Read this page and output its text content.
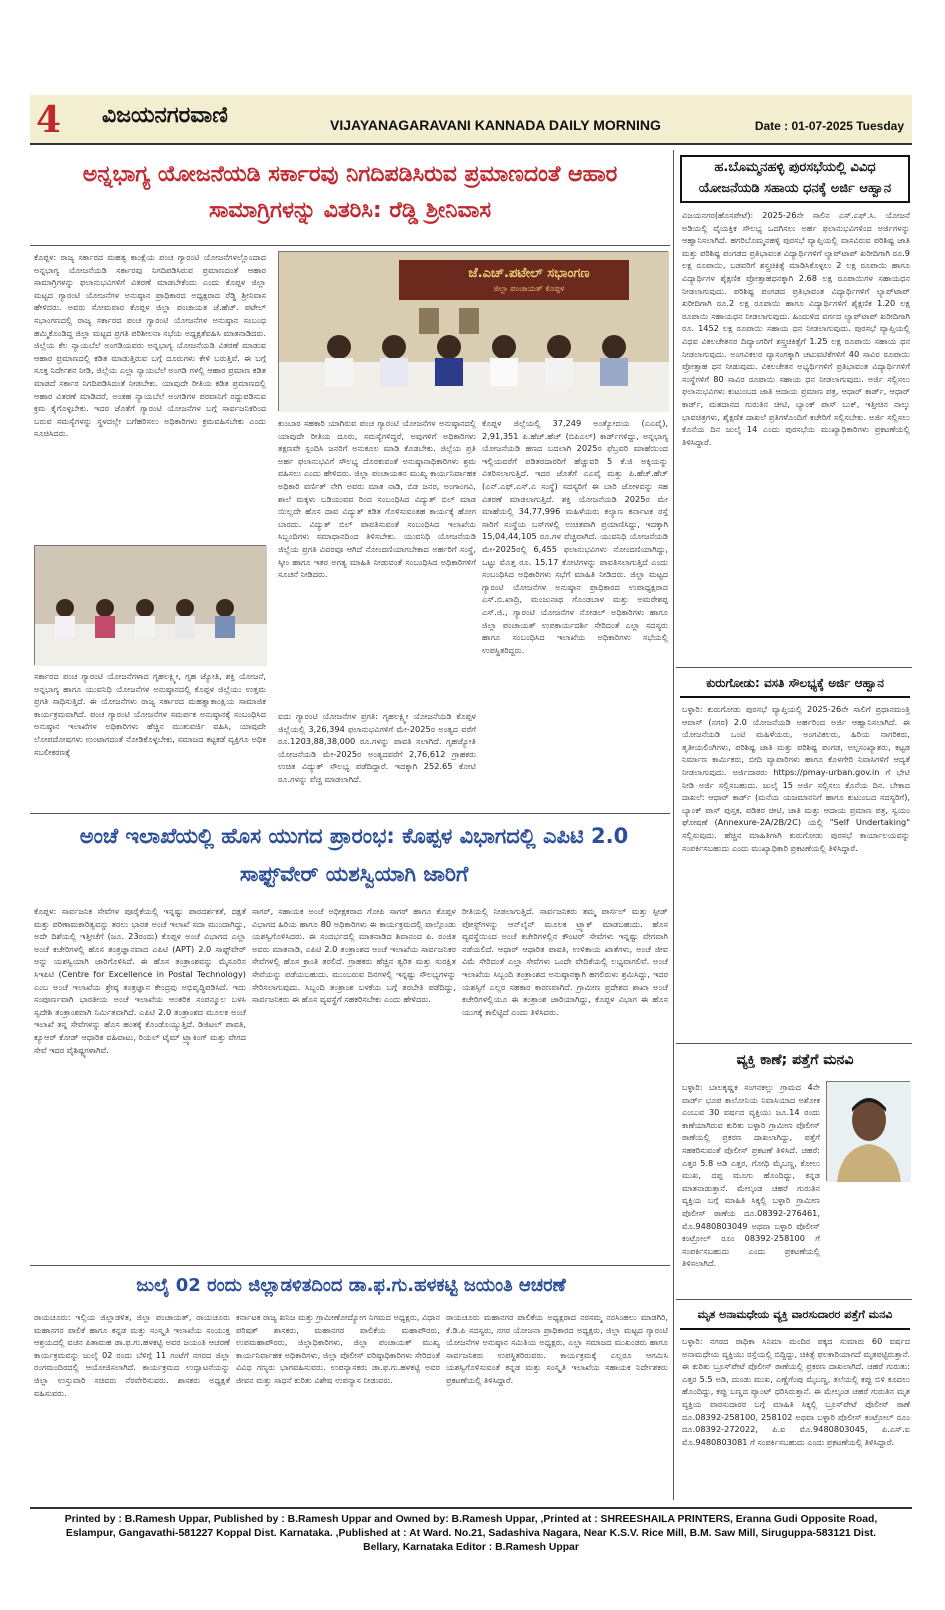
4 ವಿಜಯನಗರವಾಣಿ	VIJAYANAGARAVANI KANNADA DAILY MORNING	Date : 01-07-2025 Tuesday
ಅನ್ನಭಾಗ್ಯ ಯೋಜನೆಯಡಿ ಸರ್ಕಾರವು ನಿಗದಿಪಡಿಸಿರುವ ಪ್ರಮಾಣದಂತೆ ಆಹಾರ ಸಾಮಾಗ್ರಿಗಳನ್ನು ವಿತರಿಸಿ: ರೆಡ್ಡಿ ಶ್ರೀನಿವಾಸ
ಕೊಪ್ಪಳ: ರಾಜ್ಯ ಸರ್ಕಾರದ ಮಹತ್ವ ಕಾಂಕ್ಷೆಯ ಪಂಚ ಗ್ಯಾರಂಟಿ ಯೋಜನೆಗಳಲ್ಲೊಂದಾದ ಅನ್ನಭಾಗ್ಯ ಯೋಜನೆಯಡಿ ಸರ್ಕಾರವು ನಿಗದಿಪಡಿಸಿರುವ ಪ್ರಮಾಣದಂತೆ ಆಹಾರ ಸಾಮಾಗ್ರಿಗಳನ್ನು ಫಲಾನುಭವಿಗಳಿಗೆ ವಿತರಣೆ ಮಾಡಬೇಕೆಂದು ಎಂದು ಕೊಪ್ಪಳ ಜಿಲ್ಲಾ ಮಟ್ಟದ ಗ್ಯಾರಂಟಿ ಯೋಜನೆಗಳ ಅನುಷ್ಠಾನ ಪ್ರಾಧಿಕಾರದ ಅಧ್ಯಕ್ಷರಾದ ರೆಡ್ಡಿ ಶ್ರೀನಿವಾಸ ಹೇಳಿದರು. ಅವರು ಸೋಮವಾರ ಕೊಪ್ಪಳ ಜಿಲ್ಲಾ ಪಂಚಾಯತ ಜೆ.ಹೆಚ್. ಪಟೇಲ್ ಸಭಾಂಗಣದಲ್ಲಿ ರಾಜ್ಯ ಸರ್ಕಾರದ ಪಂಚ ಗ್ಯಾರಂಟಿ ಯೋಜನೆಗಳ ಅನುಷ್ಠಾನ ಸಂಬಂಧ ಹಮ್ಮಿಕೊಂಡಿದ್ದ ಜಿಲ್ಲಾ ಮಟ್ಟದ ಪ್ರಗತಿ ಪರಿಶೀಲನಾ ಸಭೆಯ ಅಧ್ಯಕ್ಷತೆವಹಿಸಿ ಮಾತನಾಡಿದರು. ಜಿಲ್ಲೆಯ ಕೆಲ ನ್ಯಾಯಬೆಲೆ ಅಂಗಡಿಯವರು ಅನ್ನಭಾಗ್ಯ ಯೋಜನೆಯಡಿ ವಿತರಣೆ ಮಾಡುವ ಆಹಾರ ಪ್ರಮಾಣದಲ್ಲಿ ಕಡಿತ ಮಾಡುತ್ತಿರುವ ಬಗ್ಗೆ ದೂರುಗಳು ಕೇಳಿ ಬರುತ್ತಿವೆ. ಈ ಬಗ್ಗೆ ಸೂಕ್ತ ನಿರ್ದೇಶನ ನೀಡಿ, ಜಿಲ್ಲೆಯ ಎಲ್ಲಾ ನ್ಯಾಯಬೆಲೆ ಅಂಗಡಿ ಗಳಲ್ಲಿ ಆಹಾರ ಪ್ರಮಾಣ ಕಡಿತ ಮಾಡದೆ ಸರ್ಕಾರ ನಿಗದಿಪಡಿಸಿದಂತೆ ನೀಡಬೇಕು. ಯಾವುದೇ ರೀತಿಯ ಕಡಿತ ಪ್ರಮಾಣದಲ್ಲಿ ಆಹಾರ ವಿತರಣೆ ಮಾಡಿದರೆ, ಅಂತಹ ನ್ಯಾಯಬೆಲೆ ಅಂಗಡಿಗಳ ಪರವಾನಿಗೆ ರದ್ದುಪಡಿಸುವ ಕ್ರಮ ಕೈಗೊಳ್ಳಬೇಕು. ಇದರ ಜೊತೆಗೆ ಗ್ಯಾರಂಟಿ ಯೋಜನೆಗಳ ಬಗ್ಗೆ ಸಾರ್ವಜನಿಕರಿಂದ ಬರುವ ಸಮಸ್ಯೆಗಳನ್ನು ಸ್ಥಳದಲ್ಲೇ ಬಗೆಹರಿಸಲು ಅಧಿಕಾರಿಗಳು ಕ್ರಮವಹಿಸಬೇಕು ಎಂದು ಸೂಚಿಸಿದರು.
ಜೆ.ಎಚ್.ಪಟೇಲ್ ಸಭಾಂಗಣ
ಜಿಲ್ಲಾ ಪಂಚಾಯತ್ ಕೊಪ್ಪಳ
ಕುಂಬಾರ ಸಹಕಾರಿ ಯಾಗಿರುವ ಪಂಚ ಗ್ಯಾರಂಟಿ ಯೋಜನೆಗಳ ಅನುಷ್ಠಾನದಲ್ಲಿ ಯಾವುದೇ ರೀತಿಯ ದೂರು, ಸಮಸ್ಯೆಗಳಿದ್ದರೆ, ಅವುಗಳಿಗೆ ಅಧಿಕಾರಿಗಳು ತಕ್ಷಣವೇ ಸ್ಪಂದಿಸಿ ಜನರಿಗೆ ಅನುಕೂಲ ಮಾಡಿ ಕೊಡಬೇಕು. ಜಿಲ್ಲೆಯ ಪ್ರತಿ ಅರ್ಹ ಫಲಾನುಭವಿಗೆ ಸೌಲಭ್ಯ ದೊರಕುವಂತೆ ಅನುಷ್ಠಾನಾಧಿಕಾರಿಗಳು ಶ್ರಮ ವಹಿಸಲು ಎಂದು ಹೇಳಿದರು. ಜಿಲ್ಲಾ ಪಂಚಾಯತನ ಮುಖ್ಯ ಕಾರ್ಯನಿರ್ವಾಹಕ ಅಧಿಕಾರಿ ವರ್ಣಿತ್ ನೇಗಿ ಅವರು ಮಾತ ನಾಡಿ, ಬಿಡ ಜನರ, ಅಂಗಾಂಗವಿ, ಶಾಲೆ ಮಕ್ಕಳು ಬಡಿಯುವವ ರಿಂದ ಸಂಬಂಧಿಸಿದ ವಿದ್ಯುತ್ ಬಿಲ್ ಮಾಡ ಯಿಲ್ಲದೇ ಹೊಸ ದಾವ ವಿದ್ಯುತ್ ಕಡಿತ ಗೊಳಿಸುವಂತಹ ಕಾರ್ಯಕ್ಕೆ ಹೋಗ ಬಾರದು. ವಿದ್ಯುತ್ ಬಿಲ್ ಪಾವತಿಸುವಂತೆ ಸಂಬಂಧಿಸಿದ ಇಲಾಖೆಯ ಸಿಬ್ಬಂದಿಗಳು ಸಮಾಧಾನದಿಂದ ತಿಳಿಸಬೇಕು. ಯುವನಿಧಿ ಯೋಜನೆಯಡಿ ಜಿಲ್ಲೆಯ ಪ್ರಗತಿ ವಿವರವೂ ಆಗಿದೆ ನೋಂದಣಿಯಾಗಬೇಕಾದ ಅರ್ಹರಿಗೆ ಸಂಸ್ಥೆ, ಸ್ಕೀಂ ಹಾಗೂ ಇತರ ಅಗತ್ಯ ಮಾಹಿತಿ ನೀಡುವಂತೆ ಸಂಬಂಧಿಸಿದ ಅಧಿಕಾರಿಗಳಿಗೆ ಸೂಚನೆ ನೀಡಿದರು.
ಕೊಪ್ಪಳ ಜಿಲ್ಲೆಯಲ್ಲಿ 37,249 ಅಂತ್ಯೋದಯ (ಎಎವೈ), 2,91,351 ಪಿ.ಹೆಚ್.ಹೆಚ್ (ಬಿಪಿಎಲ್) ಕಾರ್ಡ್‌ಗಳಿದ್ದು, ಅನ್ನಭಾಗ್ಯ ಯೋಜನೆಯಡಿ ಹಣದ ಬದಲಾಗಿ 2025ರ ಫೆಬ್ರವರಿ ಮಾಹೆಯಿಂದ ಇಲ್ಲಿಯವರೆಗೆ ಪಡಿತರದಾರರಿಗೆ ಹೆಚ್ಚುವರಿ 5 ಕೆ.ಜಿ ಅಕ್ಕಿಯನ್ನು ವಿತರಿಸಲಾಗುತ್ತಿದೆ. ಇದರ ಜೊತೆಗೆ ಎಎವೈ ಮತ್ತು ಪಿ.ಹೆಚ್.ಹೆಚ್ (ಎನ್.ಎಫ್.ಎಸ್.ಎ ಸಂಸ್ಥೆ) ಸದಸ್ಯರಿಗೆ ಈ ಬಾರಿ ಜೋಳವನ್ನು ಸಹ ವಿತರಣೆ ಮಾಡಲಾಗುತ್ತಿದೆ. ಶಕ್ತಿ ಯೋಜನೆಯಡಿ 2025ರ ಮೇ ಮಾಹೆಯಲ್ಲಿ 34,77,996 ಮಹಿಳೆಯರು ಕಲ್ಯಾಣ ಕರ್ನಾಟಕ ರಸ್ತೆ ಸಾರಿಗೆ ಸಂಸ್ಥೆಯ ಬಸ್‌ಗಳಲ್ಲಿ ಉಚಿತವಾಗಿ ಪ್ರಯಾಣಿಸಿದ್ದು, ಇದಕ್ಕಾಗಿ 15,04,44,105 ರೂ.ಗಳ ವೆಚ್ಚವಾಗಿದೆ. ಯುವನಿಧಿ ಯೋಜನೆಯಡಿ ಮೇ-2025ರಲ್ಲಿ 6,455 ಫಲಾನುಭವಿಗಳು ನೋಂದಣಿಯಾಗಿದ್ದು, ಒಟ್ಟು ಮೊತ್ತ ರೂ. 15.17 ಕೋಟಿಗಳನ್ನು ಪಾವತಿಸಲಾಗುತ್ತಿದೆ ಎಂದು ಸಂಬಂಧಿಸಿದ ಅಧಿಕಾರಿಗಳು ಸಭೆಗೆ ಮಾಹಿತಿ ನೀಡಿದರು. ಜಿಲ್ಲಾ ಮಟ್ಟದ ಗ್ಯಾರಂಟಿ ಯೋಜನೆಗಳ ಅನುಷ್ಠಾನ ಪ್ರಾಧಿಕಾರದ ಉಪಾಧ್ಯಕ್ಷರಾದ ಎಸ್.ಬಿ.ಖಾದ್ರಿ, ಮಂಜುನಾಥ ಗೊಂಡಬಾಳ ಮತ್ತು ಅಮರೇಶಪ್ಪ ಎಸ್.ಜಿ., ಗ್ಯಾರಂಟಿ ಯೋಜನೆಗಳ ನೋಡಲ್ ಅಧಿಕಾರಿಗಳು ಹಾಗೂ ಜಿಲ್ಲಾ ಪಂಚಾಯತ್ ಉಪಕಾರ್ಯದರ್ಶಿ ಸೇರಿದಂತೆ ಎಲ್ಲಾ ಸದಸ್ಯರು ಹಾಗೂ ಸಂಬಂಧಿಸಿದ ಇಲಾಖೆಯ ಅಧಿಕಾರಿಗಳು ಸಭೆಯಲ್ಲಿ ಉಪಸ್ಥಿತರಿದ್ದರು.
ಸರ್ಕಾರದ ಪಂಚ ಗ್ಯಾರಂಟಿ ಯೋಜನೆಗಳಾದ ಗೃಹಲಕ್ಷ್ಮೀ, ಗೃಹ ಜ್ಯೋತಿ, ಶಕ್ತಿ ಯೋಜನೆ, ಅನ್ನಭಾಗ್ಯ ಹಾಗೂ ಯುವನಿಧಿ ಯೋಜನೆಗಳ ಅನುಷ್ಠಾನದಲ್ಲಿ ಕೊಪ್ಪಳ ಜಿಲ್ಲೆಯು ಉತ್ತಮ ಪ್ರಗತಿ ಸಾಧಿಸುತ್ತಿದೆ. ಈ ಯೋಜನೆಗಳು ರಾಜ್ಯ ಸರ್ಕಾರದ ಮಹತ್ವಾಕಾಂಕ್ಷಿಯ ಸಾಮಾಜಿಕ ಕಾರ್ಯಕ್ರಮವಾಗಿದೆ. ಪಂಚ ಗ್ಯಾರಂಟಿ ಯೋಜನೆಗಳ ಸಮರ್ಪಕ ಅನುಷ್ಠಾನಕ್ಕೆ ಸಂಬಂಧಿಸಿದ ಅನುಷ್ಠಾನ ಇಲಾಖೆಗಳ ಅಧಿಕಾರಿಗಳು ಹೆಚ್ಚಿನ ಮುತುವರ್ಜಿ ವಹಿಸಿ, ಯಾವುದೇ ಲೋಪದೋಷಗಳು ಉಂಟಾಗದಂತೆ ನೋಡಿಕೊಳ್ಳಬೇಕು, ಸಮಾಜದ ಕಟ್ಟಕಡೆ ವ್ಯಕ್ತಿಗೂ ಅಧಿಕ ಸಬಲೀಕರಣಕ್ಕೆ
ಐದು ಗ್ಯಾರಂಟಿ ಯೋಜನೆಗಳ ಪ್ರಗತಿ: ಗೃಹಲಕ್ಷ್ಮೀ ಯೋಜನೆಯಡಿ ಕೊಪ್ಪಳ ಜಿಲ್ಲೆಯಲ್ಲಿ 3,26,394 ಫಲಾನುಭವಿಗಳಿಗೆ ಮೇ-2025ರ ಅಂತ್ಯದ ವರೆಗೆ ರೂ.1203,88,38,000 ರೂ.ಗಳನ್ನು ಪಾವತಿ ಸಲಾಗಿದೆ. ಗೃಹಜ್ಯೋತಿ ಯೋಜನೆಯಡಿ ಮೇ-2025ರ ಅಂತ್ಯದವರೆಗೆ 2,76,612 ಗ್ರಾಹಕರು ಉಚಿತ ವಿದ್ಯುತ್ ಸೌಲಭ್ಯ ಪಡೆದಿದ್ದಾರೆ. ಇದಕ್ಕಾಗಿ 252.65 ಕೋಟಿ ರೂ.ಗಳನ್ನು ವೆಚ್ಚ ಮಾಡಲಾಗಿದೆ.
ಅಂಚೆ ಇಲಾಖೆಯಲ್ಲಿ ಹೊಸ ಯುಗದ ಪ್ರಾರಂಭ: ಕೊಪ್ಪಳ ವಿಭಾಗದಲ್ಲಿ ಎಪಿಟಿ 2.0 ಸಾಫ್ಟ್‌ವೇರ್ ಯಶಸ್ವಿಯಾಗಿ ಜಾರಿಗೆ
ಕೊಪ್ಪಳ: ಸಾರ್ವಜನಿಕ ಸೇವೆಗಳ ಪೂರೈಕೆಯಲ್ಲಿ ಇನ್ನಷ್ಟು ಪಾರದರ್ಶಕತೆ, ದಕ್ಷತೆ ಮತ್ತು ಪರಿಣಾಮಕಾರಿತ್ವವನ್ನು ತರಲು ಭಾರತ ಅಂಚೆ ಇಲಾಖೆ ಸದಾ ಮುಂದಾಗಿದ್ದು, ಅದೇ ದಿಶೆಯಲ್ಲಿ ಇತ್ತೀಚೆಗೆ (ಜೂ. 23ರಂದು) ಕೊಪ್ಪಳ ಅಂಚೆ ವಿಭಾಗದ ಎಲ್ಲಾ ಅಂಚೆ ಕಚೇರಿಗಳಲ್ಲಿ ಹೊಸ ತಂತ್ರಜ್ಞಾನವಾದ ಎಪಿಟಿ (APT) 2.0 ಸಾಫ್ಟ್‌ವೇರ್ ಅನ್ನು ಯಶಸ್ವಿಯಾಗಿ ಜಾರಿಗೊಳಿಸಿದೆ. ಈ ಹೊಸ ತಂತ್ರಾಂಶವನ್ನು ಮೈಸೂರಿನ ಸಿಇಪಿಟಿ (Centre for Excellence in Postal Technology) ಎಂಬ ಅಂಚೆ ಇಲಾಖೆಯ ಶ್ರೇಷ್ಠ ತಂತ್ರಜ್ಞಾನ ಕೇಂದ್ರವು ಅಭಿವೃದ್ಧಿಪಡಿಸಿದೆ. ಇದು ಸಂಪೂರ್ಣವಾಗಿ ಭಾರತೀಯ ಅಂಚೆ ಇಲಾಖೆಯ ಆಂತರಿಕ ಸಂಪನ್ಮೂಲ ಬಳಸಿ ಸ್ವದೇಶಿ ತಂತ್ರಾಂಶವಾಗಿ ನಿರ್ಮಿತವಾಗಿದೆ. ಎಪಿಟಿ 2.0 ತಂತ್ರಾಂಶದ ಮೂಲಕ ಅಂಚೆ ಇಲಾಖೆ ತನ್ನ ಸೇವೆಗಳನ್ನು ಹೊಸ ಹಂತಕ್ಕೆ ಕೊಂಡೊಯ್ಯುತ್ತಿದೆ. ಡಿಜಿಟಲ್ ಪಾವತಿ, ಕ್ಯೂಆರ್ ಕೋಡ್ ಆಧಾರಿತ ವಹಿವಾಟು, ರಿಯಲ್ ಟೈಮ್ ಟ್ರ್ಯಾಕಿಂಗ್ ಮತ್ತು ವೇಗದ ಸೇವೆ ಇದರ ವೈಶಿಷ್ಟ್ಯಗಳಾಗಿವೆ.
ಸಾಗರ್, ಸಹಾಯಕ ಅಂಚೆ ಅಧೀಕ್ಷಕರಾದ ಗೋಪಿ ಸಾಗರ್ ಹಾಗೂ ಕೊಪ್ಪಳ ವಿಭಾಗದ ಹಿರಿಯ ಹಾಗೂ 80 ಅಧಿಕಾರಿಗಳು ಈ ಕಾರ್ಯಕ್ರಮದಲ್ಲಿ ಪಾಲ್ಗೊಂಡು ಯಶಸ್ವಿಗೊಳಿಸಿದರು. ಈ ಸಂದರ್ಭದಲ್ಲಿ ಮಾತನಾಡಿದ ಶಿವಾನಂದ ಪಿ. ರಂಜಿತ ಅವರು ಮಾತನಾಡಿ, ಎಪಿಟಿ 2.0 ತಂತ್ರಾಂಶದ ಅಂಚೆ ಇಲಾಖೆಯ ಸಾರ್ವಜನಿಕರ ಸೇವೆಗಳಲ್ಲಿ ಹೊಸ ಕ್ರಾಂತಿ ತರಲಿದೆ. ಗ್ರಾಹಕರು ಹೆಚ್ಚಿನ ತ್ವರಿತ ಮತ್ತು ಸುರಕ್ಷಿತ ಸೇವೆಯನ್ನು ಪಡೆಯಬಹುದು. ಮುಂಬರುವ ದಿನಗಳಲ್ಲಿ ಇನ್ನಷ್ಟು ಸೌಲಭ್ಯಗಳನ್ನು ಸೇರಿಸಲಾಗುವುದು. ಸಿಬ್ಬಂದಿ ತಂತ್ರಾಂಶ ಬಳಕೆಯ ಬಗ್ಗೆ ತರಬೇತಿ ಪಡೆದಿದ್ದು, ಸಾರ್ವಜನಿಕರು ಈ ಹೊಸ ವ್ಯವಸ್ಥೆಗೆ ಸಹಕರಿಸಬೇಕು ಎಂದು ಹೇಳಿದರು.
ರೀತಿಯಲ್ಲಿ ನೀಡಲಾಗುತ್ತಿದೆ. ಸಾರ್ವಜನಿಕರು ತಮ್ಮ ಪಾರ್ಸಲ್ ಮತ್ತು ಸ್ಪೀಡ್ ಪೋಸ್ಟ್‌ಗಳನ್ನು ಆನ್‌ಲೈನ್ ಮೂಲಕ ಟ್ರ್ಯಾಕ್ ಮಾಡಬಹುದು. ಹೊಸ ವ್ಯವಸ್ಥೆಯಿಂದ ಅಂಚೆ ಕಚೇರಿಗಳಲ್ಲಿನ ಕೌಂಟರ್ ಸೇವೆಗಳು ಇನ್ನಷ್ಟು ವೇಗವಾಗಿ ನಡೆಯಲಿದೆ. ಆಧಾರ್ ಆಧಾರಿತ ಪಾವತಿ, ಉಳಿತಾಯ ಖಾತೆಗಳು, ಅಂಚೆ ಜೀವ ವಿಮೆ ಸೇರಿದಂತೆ ಎಲ್ಲಾ ಸೇವೆಗಳು ಒಂದೇ ವೇದಿಕೆಯಲ್ಲಿ ಲಭ್ಯವಾಗಲಿವೆ. ಅಂಚೆ ಇಲಾಖೆಯ ಸಿಬ್ಬಂದಿ ತಂತ್ರಾಂಶದ ಅನುಷ್ಠಾನಕ್ಕಾಗಿ ಹಗಲಿರುಳು ಶ್ರಮಿಸಿದ್ದು, ಇದರ ಯಶಸ್ಸಿಗೆ ಎಲ್ಲರ ಸಹಕಾರ ಕಾರಣವಾಗಿದೆ. ಗ್ರಾಮೀಣ ಪ್ರದೇಶದ ಶಾಖಾ ಅಂಚೆ ಕಚೇರಿಗಳಲ್ಲಿಯೂ ಈ ತಂತ್ರಾಂಶ ಜಾರಿಯಾಗಿದ್ದು, ಕೊಪ್ಪಳ ವಿಭಾಗ ಈ ಹೊಸ ಯುಗಕ್ಕೆ ಕಾಲಿಟ್ಟಿದೆ ಎಂದು ತಿಳಿಸಿದರು.
ಜುಲೈ 02 ರಂದು ಜಿಲ್ಲಾಡಳಿತದಿಂದ ಡಾ.ಫ.ಗು.ಹಳಕಟ್ಟಿ ಜಯಂತಿ ಆಚರಣೆ
ರಾಯಚೂರು: ಇಲ್ಲಿಯ ಜಿಲ್ಲಾಡಳಿತ, ಜಿಲ್ಲಾ ಪಂಚಾಯತ್, ರಾಯಚೂರು ಮಹಾನಗರ ಪಾಲಿಕೆ ಹಾಗೂ ಕನ್ನಡ ಮತ್ತು ಸಂಸ್ಕೃತಿ ಇಲಾಖೆಯ ಸಂಯುಕ್ತ ಆಶ್ರಯದಲ್ಲಿ ವಚನ ಪಿತಾಮಹ ಡಾ.ಫ.ಗು.ಹಳಕಟ್ಟಿ ಅವರ ಜಯಂತಿ ಆಚರಣೆ ಕಾರ್ಯಕ್ರಮವನ್ನು ಜುಲೈ 02 ರಂದು ಬೆಳಿಗ್ಗೆ 11 ಗಂಟೆಗೆ ನಗರದ ಜಿಲ್ಲಾ ರಂಗಮಂದಿರದಲ್ಲಿ ಆಯೋಜಿಸಲಾಗಿದೆ. ಕಾರ್ಯಕ್ರಮದ ಉದ್ಘಾಟನೆಯನ್ನು ಜಿಲ್ಲಾ ಉಸ್ತುವಾರಿ ಸಚಿವರು ನೆರವೇರಿಸುವರು. ಶಾಸಕರು ಅಧ್ಯಕ್ಷತೆ ವಹಿಸುವರು.
ಕರ್ನಾಟಕ ರಾಜ್ಯ ಖನಿಜ ಮತ್ತು ಗ್ರಾಮೀಣೋದ್ಯೋಗ ನಿಗಮದ ಅಧ್ಯಕ್ಷರು, ವಿಧಾನ ಪರಿಷತ್ ಶಾಸಕರು, ಮಹಾನಗರ ಪಾಲಿಕೆಯ ಮಹಾಪೌರರು, ಉಪಮಹಾಪೌರರು, ಜಿಲ್ಲಾಧಿಕಾರಿಗಳು, ಜಿಲ್ಲಾ ಪಂಚಾಯತ್ ಮುಖ್ಯ ಕಾರ್ಯನಿರ್ವಾಹಕ ಅಧಿಕಾರಿಗಳು, ಜಿಲ್ಲಾ ಪೊಲೀಸ್ ವರಿಷ್ಠಾಧಿಕಾರಿಗಳು ಸೇರಿದಂತೆ ವಿವಿಧ ಗಣ್ಯರು ಭಾಗವಹಿಸುವರು. ಉಪನ್ಯಾಸಕರು ಡಾ.ಫ.ಗು.ಹಳಕಟ್ಟಿ ಅವರ ಜೀವನ ಮತ್ತು ಸಾಧನೆ ಕುರಿತು ವಿಶೇಷ ಉಪನ್ಯಾಸ ನೀಡುವರು.
ರಾಯಚೂರು ಮಹಾನಗರ ಪಾಲಿಕೆಯ ಅಧ್ಯಕ್ಷರಾದ ನರಸಮ್ಮ ನರಸಿಂಹಲು ಮಾಡಗಿರಿ, ಕೆ.ಡಿ.ಪಿ ಸದಸ್ಯರು, ನಗರ ಯೋಜನಾ ಪ್ರಾಧಿಕಾರದ ಅಧ್ಯಕ್ಷರು, ಜಿಲ್ಲಾ ಮಟ್ಟದ ಗ್ಯಾರಂಟಿ ಯೋಜನೆಗಳ ಅನುಷ್ಠಾನ ಸಮಿತಿಯ ಅಧ್ಯಕ್ಷರು, ಎಲ್ಲಾ ಸಮಾಜದ ಮುಖಂಡರು ಹಾಗೂ ಸಾರ್ವಜನಿಕರು ಉಪಸ್ಥಿತರಿರುವರು. ಕಾರ್ಯಕ್ರಮಕ್ಕೆ ಎಲ್ಲರೂ ಆಗಮಿಸಿ ಯಶಸ್ವಿಗೊಳಿಸುವಂತೆ ಕನ್ನಡ ಮತ್ತು ಸಂಸ್ಕೃತಿ ಇಲಾಖೆಯ ಸಹಾಯಕ ನಿರ್ದೇಶಕರು ಪ್ರಕಟಣೆಯಲ್ಲಿ ತಿಳಿಸಿದ್ದಾರೆ.
ಹ.ಬೊಮ್ಮನಹಳ್ಳಿ ಪುರಸಭೆಯಲ್ಲಿ ವಿವಿಧ ಯೋಜನೆಯಡಿ ಸಹಾಯ ಧನಕ್ಕೆ ಅರ್ಜಿ ಆಹ್ವಾನ
ವಿಜಯನಗರ(ಹೊಸಪೇಟೆ): 2025-26ನೇ ಸಾಲಿನ ಎಸ್.ಎಫ್.ಸಿ. ಯೋಜನೆ ಅಡಿಯಲ್ಲಿ ವೈಯಕ್ತಿಕ ಸೌಲಭ್ಯ ಒದಗಿಸಲು ಅರ್ಹ ಫಲಾನುಭವಿಗಳಿಂದ ಅರ್ಜಿಗಳನ್ನು ಆಹ್ವಾನಿಸಲಾಗಿದೆ. ಹಗರಿಬೊಮ್ಮನಹಳ್ಳಿ ಪುರಸಭೆ ವ್ಯಾಪ್ತಿಯಲ್ಲಿ ವಾಸವಿರುವ ಪರಿಶಿಷ್ಟ ಜಾತಿ ಮತ್ತು ಪರಿಶಿಷ್ಟ ಪಂಗಡದ ಪ್ರತಿಭಾವಂತ ವಿದ್ಯಾರ್ಥಿಗಳಿಗೆ ಲ್ಯಾಪ್‌ಟಾಪ್ ಖರೀದಿಗಾಗಿ ರೂ.9 ಲಕ್ಷ ರೂಪಾಯಿ, ಬಡವರಿಗೆ ಶಸ್ತ್ರಚಿಕಿತ್ಸೆ ಮಾಡಿಸಿಕೊಳ್ಳಲು 2 ಲಕ್ಷ ರೂಪಾಯಿ ಹಾಗೂ ವಿದ್ಯಾರ್ಥಿಗಳ ಶೈಕ್ಷಣಿಕ ಪ್ರೋತ್ಸಾಹಧನಕ್ಕಾಗಿ 2.68 ಲಕ್ಷ ರೂಪಾಯಿಗಳ ಸಹಾಯಧನ ನೀಡಲಾಗುವುದು. ಪರಿಶಿಷ್ಟ ಪಂಗಡದ ಪ್ರತಿಭಾವಂತ ವಿದ್ಯಾರ್ಥಿಗಳಿಗೆ ಲ್ಯಾಪ್‌ಟಾಪ್ ಖರೀದಿಗಾಗಿ ರೂ.2 ಲಕ್ಷ ರೂಪಾಯಿ ಹಾಗೂ ವಿದ್ಯಾರ್ಥಿಗಳಿಗೆ ಶೈಕ್ಷಣಿಕ 1.20 ಲಕ್ಷ ರೂಪಾಯಿ ಸಹಾಯಧನ ನೀಡಲಾಗುವುದು. ಹಿಂದುಳಿದ ವರ್ಗದ ಲ್ಯಾಪ್‌ಟಾಪ್ ಖರೀದಿಗಾಗಿ ರೂ. 1452 ಲಕ್ಷ ರೂಪಾಯಿ ಸಹಾಯ ಧನ ನೀಡಲಾಗುವುದು. ಪುರಸಭೆ ವ್ಯಾಪ್ತಿಯಲ್ಲಿ ವಿಧವ ವಿಕಲಚೇತನರ ದಿವ್ಯಾಂಗರಿಗೆ ಶಸ್ತ್ರಚಿಕಿತ್ಸೆಗೆ 1.25 ಲಕ್ಷ ರೂಪಾಯಿ ಸಹಾಯ ಧನ ನೀಡಲಾಗುವುದು. ಅಂಗವಿಕಲರ ವ್ಯಾಸಂಗಕ್ಕಾಗಿ ಚಟುವಟಿಕೆಗಳಿಗೆ 40 ಸಾವಿರ ರೂಪಾಯಿ ಪ್ರೋತ್ಸಾಹ ಧನ ನೀಡುವುದು. ವಿಕಲಚೇತನ ಅಭ್ಯರ್ಥಿಗಳಿಗೆ ಪ್ರತಿಭಾವಂತ ವಿದ್ಯಾರ್ಥಿಗಳಿಗೆ ಸಂಸ್ಥೆಗಳಿಗೆ 80 ಸಾವಿರ ರೂಪಾಯಿ ಸಹಾಯ ಧನ ನೀಡಲಾಗುವುದು. ಅರ್ಜಿ ಸಲ್ಲಿಸಲು ಫಲಾನುಭವಿಗಳು ಕುಟುಂಬದ ಜಾತಿ ಆದಾಯ ಪ್ರಮಾಣ ಪತ್ರ, ಆಧಾರ್ ಕಾರ್ಡ್, ಆಧಾರ್ ಕಾರ್ಡ್, ಮತದಾನದ ಗುರುತಿನ ಚೀಟಿ, ಬ್ಯಾಂಕ್ ಪಾಸ್ ಬುಕ್, ಇತ್ತೀಚಿನ ನಾಲ್ಕು ಭಾವಚಿತ್ರಗಳು, ಶೈಕ್ಷಣಿಕ ದಾಖಲೆ ಪ್ರತಿಗಳೊಂದಿಗೆ ಕಚೇರಿಗೆ ಸಲ್ಲಿಸಬೇಕು. ಅರ್ಜಿ ಸಲ್ಲಿಸಲು ಕೊನೆಯ ದಿನ ಜುಲೈ 14 ಎಂದು ಪುರಸಭೆಯ ಮುಖ್ಯಾಧಿಕಾರಿಗಳು ಪ್ರಕಟಣೆಯಲ್ಲಿ ತಿಳಿಸಿದ್ದಾರೆ.
ಕುರುಗೋಡು: ವಸತಿ ಸೌಲಭ್ಯಕ್ಕೆ ಅರ್ಜಿ ಆಹ್ವಾನ
ಬಳ್ಳಾರಿ: ಕುರುಗೋಡು ಪುರಸಭೆ ವ್ಯಾಪ್ತಿಯಲ್ಲಿ 2025-26ನೇ ಸಾಲಿಗೆ ಪ್ರಧಾನಮಂತ್ರಿ ಆವಾಸ್ (ನಗರ) 2.0 ಯೋಜನೆಯಡಿ ಅರ್ಹರಿಂದ ಅರ್ಜಿ ಆಹ್ವಾನಿಸಲಾಗಿದೆ. ಈ ಯೋಜನೆಯಡಿ ಒಂಟಿ ಮಹಿಳೆಯರು, ಅಂಗವಿಕಲರು, ಹಿರಿಯ ನಾಗರಿಕರು, ತೃತೀಯಲಿಂಗಿಗಳು, ಪರಿಶಿಷ್ಟ ಜಾತಿ ಮತ್ತು ಪರಿಶಿಷ್ಟ ಪಂಗಡ, ಅಲ್ಪಸಂಖ್ಯಾತರು, ಕಟ್ಟಡ ನಿರ್ಮಾಣ ಕಾರ್ಮಿಕರು, ಬೀದಿ ವ್ಯಾಪಾರಿಗಳು ಹಾಗೂ ಕೊಳಗೇರಿ ನಿವಾಸಿಗಳಿಗೆ ಆದ್ಯತೆ ನೀಡಲಾಗುವುದು. ಅರ್ಜಿದಾರರು https://pmay-urban.gov.in ಗೆ ಭೇಟಿ ನೀಡಿ ಅರ್ಜಿ ಸಲ್ಲಿಸಬಹುದು. ಜುಲೈ 15 ಅರ್ಜಿ ಸಲ್ಲಿಸಲು ಕೊನೆಯ ದಿನ. ಬೇಕಾದ ದಾಖಲೆ: ಆಧಾರ್ ಕಾರ್ಡ್ (ಮನೆಯ ಯಜಮಾನನಿಗೆ ಹಾಗೂ ಕುಟುಂಬದ ಸದಸ್ಯರಿಗೆ), ಬ್ಯಾಂಕ್ ಪಾಸ್ ಪುಸ್ತಕ, ಪಡಿತರ ಚೀಟಿ, ಜಾತಿ ಮತ್ತು ಆದಾಯ ಪ್ರಮಾಣ ಪತ್ರ, ಸ್ವಯಂ ಘೋಷಣೆ (Annexure-2A/2B/2C) ಯಲ್ಲಿ "Self Undertaking" ಸಲ್ಲಿಸುವುದು. ಹೆಚ್ಚಿನ ಮಾಹಿತಿಗಾಗಿ ಕುರುಗೋಡು ಪುರಸಭೆ ಕಾರ್ಯಾಲಯವನ್ನು ಸಂಪರ್ಕಿಸಬಹುದು ಎಂದು ಮುಖ್ಯಾಧಿಕಾರಿ ಪ್ರಕಟಣೆಯಲ್ಲಿ ತಿಳಿಸಿದ್ದಾರೆ.
ವ್ಯಕ್ತಿ ಕಾಣೆ; ಪತ್ತೆಗೆ ಮನವಿ
ಬಳ್ಳಾರಿ: ಬಾಲಕೃಷ್ಣಕ ಸಂಗನಕಲ್ಲು ಗ್ರಾಮದ 4ನೇ ವಾರ್ಡ್ ಭೂಪ ಕಾಲೋನಿಯ ನಿವಾಸಿಯಾದ ಅಶೋಕ ಎಂಬುವ 30 ವರ್ಷದ ವ್ಯಕ್ತಿಯು ಜೂ.14 ರಂದು ಕಾಣೆಯಾಗಿರುವ ಕುರಿತು ಬಳ್ಳಾರಿ ಗ್ರಾಮೀಣ ಪೊಲೀಸ್ ಠಾಣೆಯಲ್ಲಿ ಪ್ರಕರಣ ದಾಖಲಾಗಿದ್ದು, ಪತ್ತೆಗೆ ಸಹಕರಿಸುವಂತೆ ಪೊಲೀಸ್ ಪ್ರಕಟಣೆ ತಿಳಿಸಿದೆ. ಚಹರೆ: ಎತ್ತರ 5.8 ಅಡಿ ಎತ್ತರ, ಗೋಧಿ ಮೈಬಣ್ಣ, ಕೋಲು ಮುಖ, ದಪ್ಪ ಮೂಗು ಹೊಂದಿದ್ದು, ಕನ್ನಡ ಮಾತನಾಡುತ್ತಾನೆ. ಮೇಲ್ಕಂಡ ಚಹರೆ ಗುರುತಿನ ವ್ಯಕ್ತಿಯ ಬಗ್ಗೆ ಮಾಹಿತಿ ಸಿಕ್ಕಲ್ಲಿ ಬಳ್ಳಾರಿ ಗ್ರಾಮೀಣ ಪೊಲೀಸ್ ಠಾಣೆಯ ದೂ.08392-276461, ಮೊ.9480803049 ಅಥವಾ ಬಳ್ಳಾರಿ ಪೊಲೀಸ್ ಕಂಟ್ರೋಲ್ ರೂಂ 08392-258100 ಗೆ ಸಂಪರ್ಕಿಸಬಹುದು ಎಂದು ಪ್ರಕಟಣೆಯಲ್ಲಿ ತಿಳಿಸಲಾಗಿದೆ.
ಮೃತ ಅನಾಮಧೇಯ ವ್ಯಕ್ತಿ ವಾರಸುದಾರರ ಪತ್ತೆಗೆ ಮನವಿ
ಬಳ್ಳಾರಿ: ನಗರದ ರಾಧಿಕಾ ಸಿನಿಮಾ ಮಂದಿರ ಪಕ್ಕದ ಸುಮಾರು 60 ವರ್ಷದ ಅನಾಮಧೇಯ ವ್ಯಕ್ತಿಯು ರಸ್ತೆಯಲ್ಲಿ ಬಿದ್ದಿದ್ದು, ಚಿಕಿತ್ಸೆ ಫಲಕಾರಿಯಾಗದೆ ಮೃತಪಟ್ಟಿರುತ್ತಾನೆ. ಈ ಕುರಿತು ಬ್ರೂಸ್‌ಪೇಟೆ ಪೊಲೀಸ್ ಠಾಣೆಯಲ್ಲಿ ಪ್ರಕರಣ ದಾಖಲಾಗಿದೆ. ಚಹರೆ ಗುರುತು: ಎತ್ತರ 5.5 ಅಡಿ, ದುಂಡು ಮುಖ, ಎಣ್ಣೆಗೆಂಪು ಮೈಬಣ್ಣ, ತಲೆಯಲ್ಲಿ ಕಪ್ಪು ಬಿಳಿ ಕೂದಲು ಹೊಂದಿದ್ದು, ಕಪ್ಪು ಬಣ್ಣದ ಪ್ಯಾಂಟ್ ಧರಿಸಿರುತ್ತಾನೆ. ಈ ಮೇಲ್ಕಂಡ ಚಹರೆ ಗುರುತಿನ ಮೃತ ವ್ಯಕ್ತಿಯ ವಾರಸುದಾರರ ಬಗ್ಗೆ ಮಾಹಿತಿ ಸಿಕ್ಕಲ್ಲಿ ಬ್ರೂಸ್‌ಪೇಟೆ ಪೊಲೀಸ್ ಠಾಣೆ ದೂ.08392-258100, 258102 ಅಥವಾ ಬಳ್ಳಾರಿ ಪೊಲೀಸ್ ಕಂಟ್ರೋಲ್ ರೂಂ ದೂ.08392-272022, ಪಿ.ಐ ಮೊ.9480803045, ಪಿ.ಎಸ್.ಐ ಮೊ.9480803081 ಗೆ ಸಂಪರ್ಕಿಸಬಹುದು ಎಂದು ಪ್ರಕಟಣೆಯಲ್ಲಿ ತಿಳಿಸಿದ್ದಾರೆ.
Printed by : B.Ramesh Uppar, Published by : B.Ramesh Uppar and Owned by: B.Ramesh Uppar, ,Printed at : SHREESHAILA PRINTERS, Eranna Gudi Opposite Road,
Eslampur, Gangavathi-581227 Koppal Dist. Karnataka. ,Published at : At Ward. No.21, Sadashiva Nagara, Near K.S.V. Rice Mill, B.M. Saw Mill, Siruguppa-583121 Dist.
Bellary, Karnataka Editor : B.Ramesh Uppar
